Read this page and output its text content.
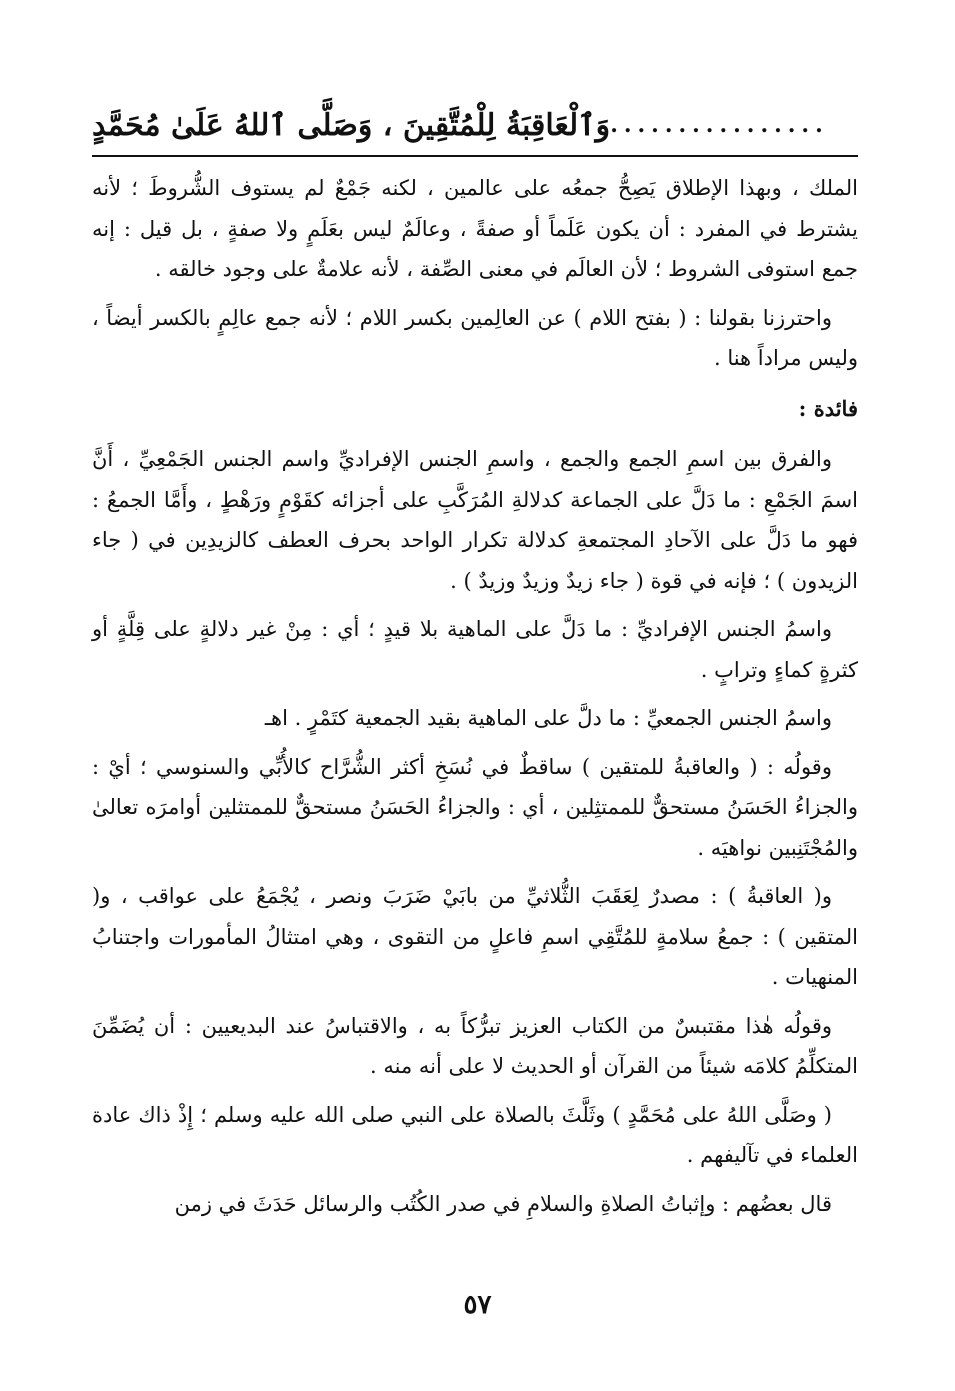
وَٱلْعَاقِبَةُ لِلْمُتَّقِينَ ، وَصَلَّى ٱللهُ عَلَىٰ مُحَمَّدٍ ................

الملك ، وبهذا الإطلاق يَصِحُّ جمعُه على عالمين ، لكنه جَمْعٌ لم يستوف الشُّروطَ ؛ لأنه يشترط في المفرد : أن يكون عَلَماً أو صفةً ، وعالَمٌ ليس بعَلَمٍ ولا صفةٍ ، بل قيل : إنه جمع استوفى الشروط ؛ لأن العالَم في معنى الصِّفة ، لأنه علامةٌ على وجود خالقه .

واحترزنا بقولنا : ( بفتح اللام ) عن العالِمين بكسر اللام ؛ لأنه جمع عالِمٍ بالكسر أيضاً ، وليس مراداً هنا .

فائدة :

والفرق بين اسمِ الجمع والجمع ، واسمِ الجنس الإفراديِّ واسم الجنس الجَمْعِيِّ ، أَنَّ اسمَ الجَمْعِ : ما دَلَّ على الجماعة كدلالةِ المُرَكَّبِ على أجزائه كقَوْمٍ ورَهْطٍ ، وأَمَّا الجمعُ : فهو ما دَلَّ على الآحادِ المجتمعةِ كدلالة تكرار الواحد بحرف العطف كالزيدِين في ( جاء الزيدون ) ؛ فإنه في قوة ( جاء زيدٌ وزيدٌ وزيدٌ ) .

واسمُ الجنس الإفراديِّ : ما دَلَّ على الماهية بلا قيدٍ ؛ أي : مِنْ غير دلالةٍ على قِلَّةٍ أو كثرةٍ كماءٍ وترابٍ .

واسمُ الجنس الجمعيِّ : ما دلَّ على الماهية بقيد الجمعية كتَمْرٍ . اهـ

وقولُه : ( والعاقبةُ للمتقين ) ساقطٌ في نُسَخِ أكثر الشُّرَّاح كالأُبِّي والسنوسي ؛ أيْ : والجزاءُ الحَسَنُ مستحقٌّ للممتثِلين ، أي : والجزاءُ الحَسَنُ مستحقٌّ للممتثلين أوامرَه تعالىٰ والمُجْتَنِبين نواهيَه .

و( العاقبةُ ) : مصدرٌ لِعَقَبَ الثُّلاثيِّ من بابَيْ ضَرَبَ ونصر ، يُجْمَعُ على عواقب ، و( المتقين ) : جمعُ سلامةٍ للمُتَّقِي اسمِ فاعلٍ من التقوى ، وهي امتثالُ المأمورات واجتنابُ المنهيات .

وقولُه هٰذا مقتبسٌ من الكتاب العزيز تبرُّكاً به ، والاقتباسُ عند البديعيين : أن يُضَمِّنَ المتكلِّمُ كلامَه شيئاً من القرآن أو الحديث لا على أنه منه .

( وصَلَّى اللهُ على مُحَمَّدٍ ) وثَلَّثَ بالصلاة على النبي صلى الله عليه وسلم ؛ إِذْ ذاك عادة العلماء في تآليفهم .

قال بعضُهم : وإثباتُ الصلاةِ والسلامِ في صدر الكُتُب والرسائل حَدَثَ في زمن

٥٧
